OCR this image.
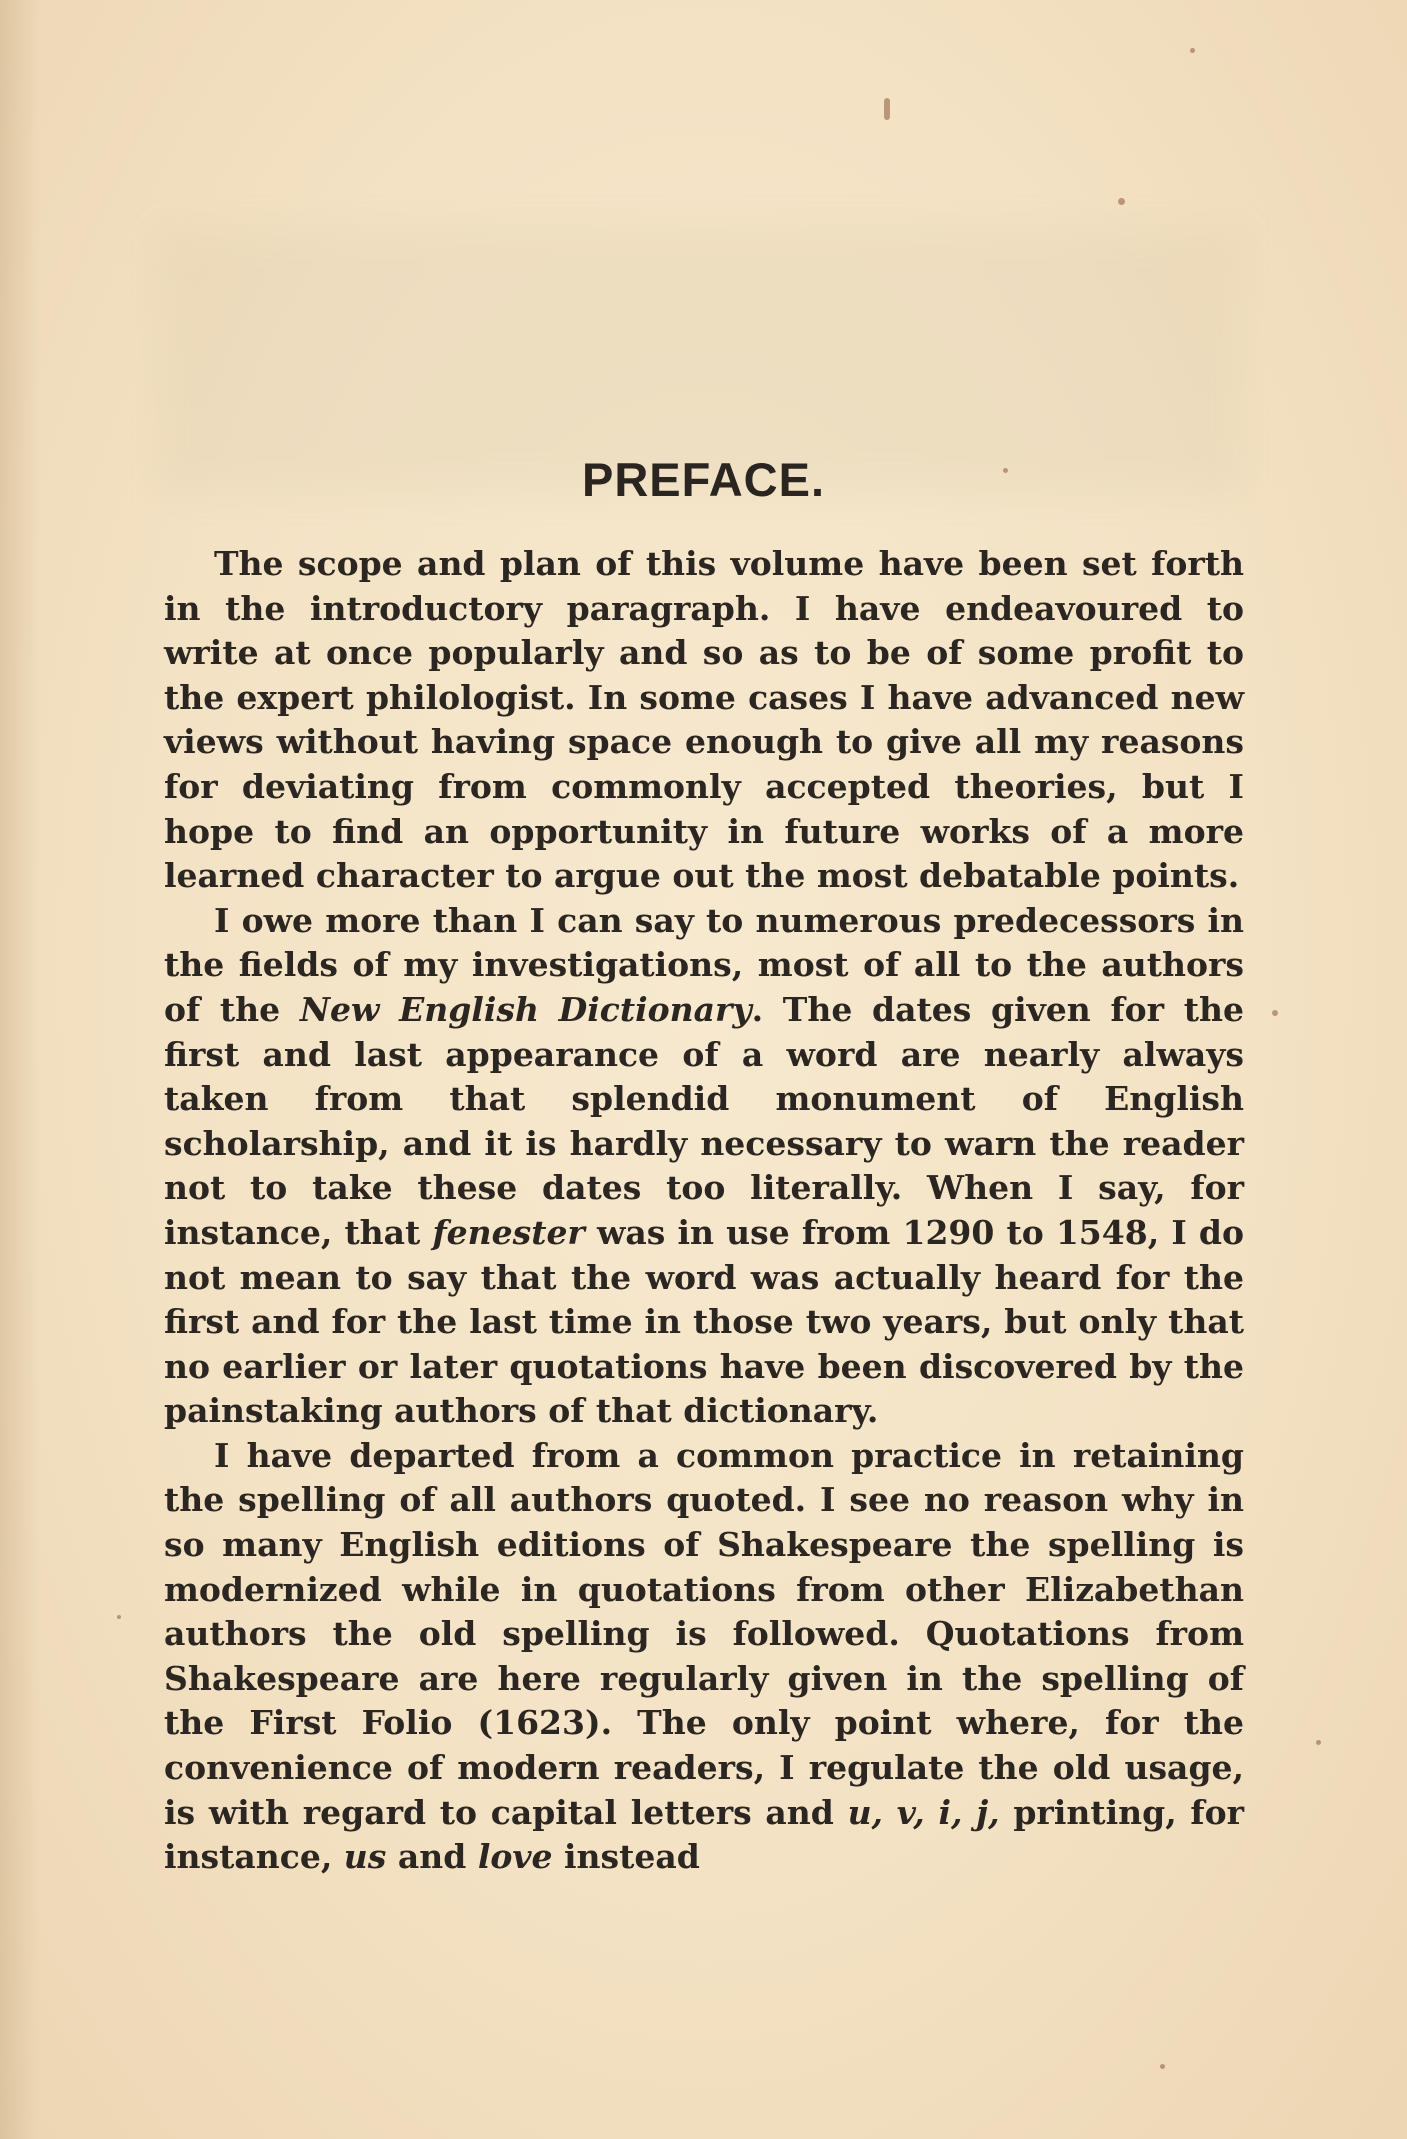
PREFACE.

The scope and plan of this volume have been set forth in the introductory paragraph. I have endeavoured to write at once popularly and so as to be of some profit to the expert philologist. In some cases I have advanced new views without having space enough to give all my reasons for deviating from commonly accepted theories, but I hope to find an opportunity in future works of a more learned character to argue out the most debatable points.

I owe more than I can say to numerous predecessors in the fields of my investigations, most of all to the authors of the New English Dictionary. The dates given for the first and last appearance of a word are nearly always taken from that splendid monument of English scholarship, and it is hardly necessary to warn the reader not to take these dates too literally. When I say, for instance, that fenester was in use from 1290 to 1548, I do not mean to say that the word was actually heard for the first and for the last time in those two years, but only that no earlier or later quotations have been discovered by the painstaking authors of that dictionary.

I have departed from a common practice in retaining the spelling of all authors quoted. I see no reason why in so many English editions of Shakespeare the spelling is modernized while in quotations from other Elizabethan authors the old spelling is followed. Quotations from Shakespeare are here regularly given in the spelling of the First Folio (1623). The only point where, for the convenience of modern readers, I regulate the old usage, is with regard to capital letters and u, v, i, j, printing, for instance, us and love instead
